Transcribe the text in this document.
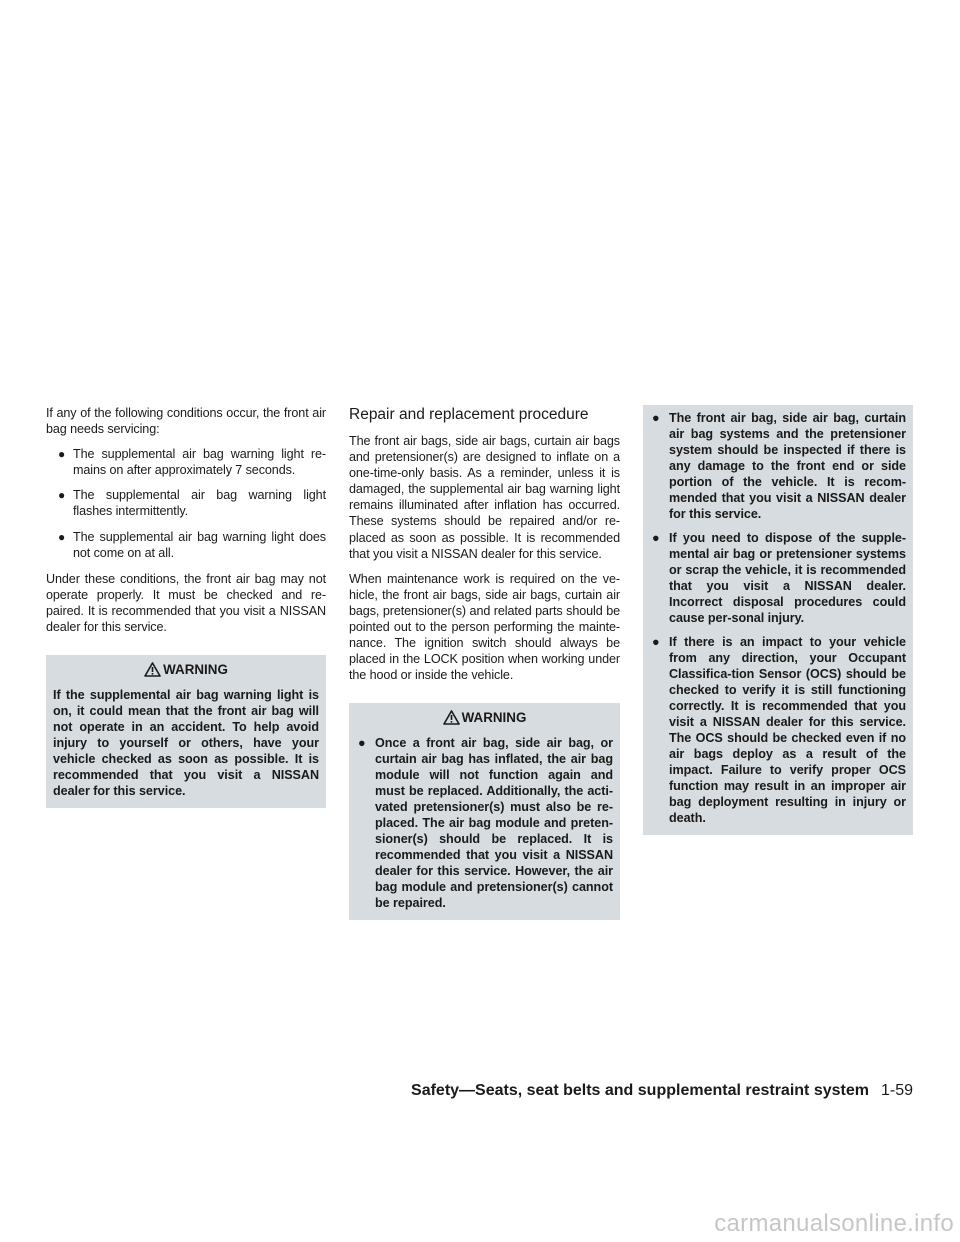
If any of the following conditions occur, the front air bag needs servicing:

● The supplemental air bag warning light re-mains on after approximately 7 seconds.
● The supplemental air bag warning light flashes intermittently.
● The supplemental air bag warning light does not come on at all.

Under these conditions, the front air bag may not operate properly. It must be checked and re-paired. It is recommended that you visit a NISSAN dealer for this service.

WARNING

If the supplemental air bag warning light is on, it could mean that the front air bag will not operate in an accident. To help avoid injury to yourself or others, have your vehicle checked as soon as possible. It is recommended that you visit a NISSAN dealer for this service.

Repair and replacement procedure

The front air bags, side air bags, curtain air bags and pretensioner(s) are designed to inflate on a one-time-only basis. As a reminder, unless it is damaged, the supplemental air bag warning light remains illuminated after inflation has occurred. These systems should be repaired and/or re-placed as soon as possible. It is recommended that you visit a NISSAN dealer for this service.

When maintenance work is required on the ve-hicle, the front air bags, side air bags, curtain air bags, pretensioner(s) and related parts should be pointed out to the person performing the mainte-nance. The ignition switch should always be placed in the LOCK position when working under the hood or inside the vehicle.

WARNING
● Once a front air bag, side air bag, or curtain air bag has inflated, the air bag module will not function again and must be replaced. Additionally, the acti-vated pretensioner(s) must also be re-placed. The air bag module and preten-sioner(s) should be replaced. It is recommended that you visit a NISSAN dealer for this service. However, the air bag module and pretensioner(s) cannot be repaired.
● The front air bag, side air bag, curtain air bag systems and the pretensioner system should be inspected if there is any damage to the front end or side portion of the vehicle. It is recom-mended that you visit a NISSAN dealer for this service.
● If you need to dispose of the supple-mental air bag or pretensioner systems or scrap the vehicle, it is recommended that you visit a NISSAN dealer. Incorrect disposal procedures could cause per-sonal injury.
● If there is an impact to your vehicle from any direction, your Occupant Classifica-tion Sensor (OCS) should be checked to verify it is still functioning correctly. It is recommended that you visit a NISSAN dealer for this service. The OCS should be checked even if no air bags deploy as a result of the impact. Failure to verify proper OCS function may result in an improper air bag deployment resulting in injury or death.
Safety—Seats, seat belts and supplemental restraint system 1-59
carmanualsonline.info
